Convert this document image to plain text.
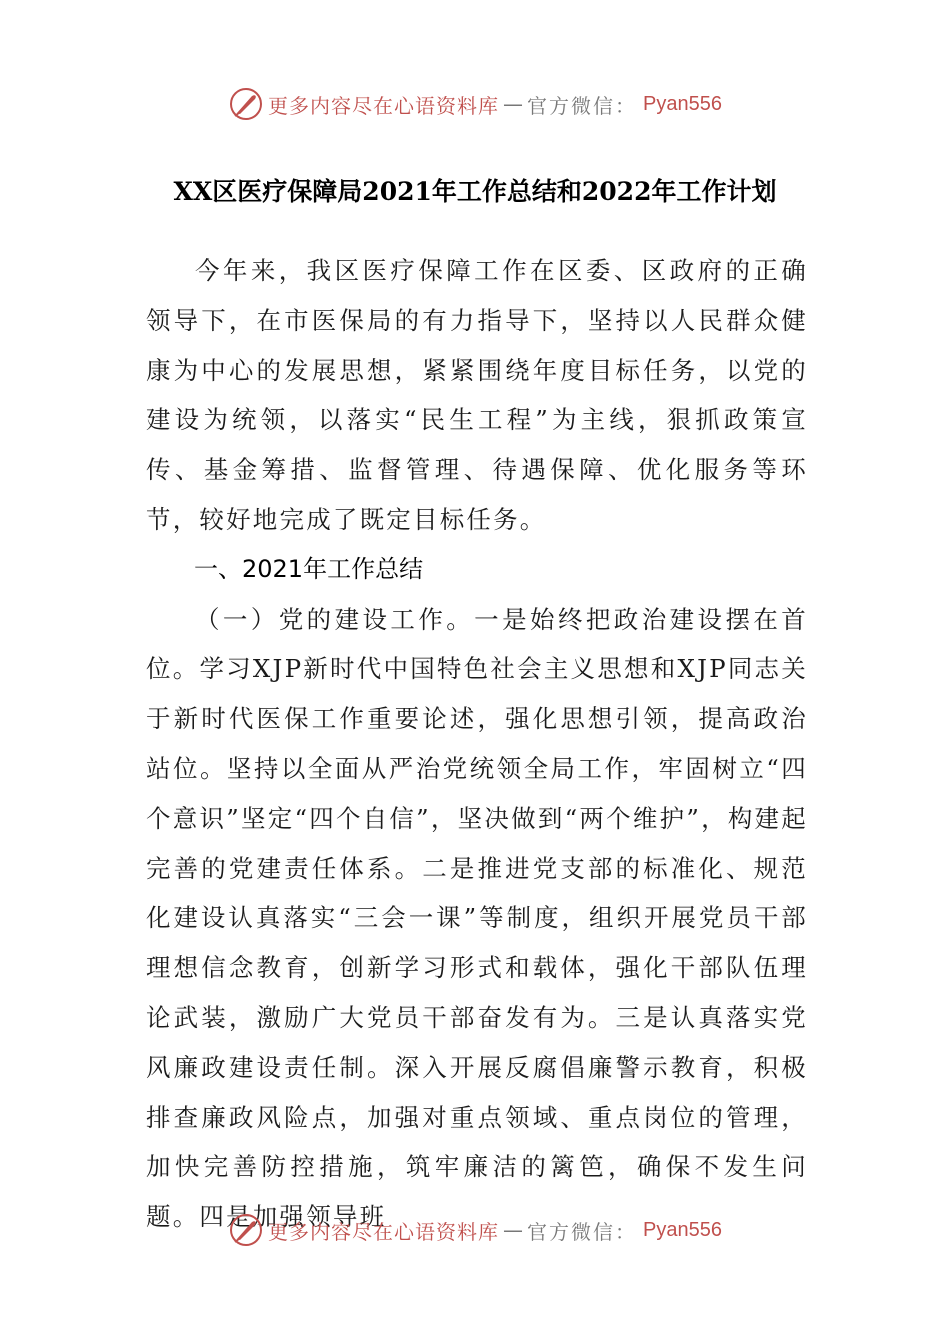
更多内容尽在心语资料库 — 官方微信： Pyan556
XX区医疗保障局2021年工作总结和2022年工作计划

今年来，我区医疗保障工作在区委、区政府的正确领导下，在市医保局的有力指导下，坚持以人民群众健康为中心的发展思想，紧紧围绕年度目标任务，以党的建设为统领，以落实“民生工程”为主线，狠抓政策宣传、基金筹措、监督管理、待遇保障、优化服务等环节，较好地完成了既定目标任务。

一、2021年工作总结

（一）党的建设工作。一是始终把政治建设摆在首位。学习XJP新时代中国特色社会主义思想和XJP同志关于新时代医保工作重要论述，强化思想引领，提高政治站位。坚持以全面从严治党统领全局工作，牢固树立“四个意识”坚定“四个自信”，坚决做到“两个维护”，构建起完善的党建责任体系。二是推进党支部的标准化、规范化建设认真落实“三会一课”等制度，组织开展党员干部理想信念教育，创新学习形式和载体，强化干部队伍理论武装，激励广大党员干部奋发有为。三是认真落实党风廉政建设责任制。深入开展反腐倡廉警示教育，积极排查廉政风险点，加强对重点领域、重点岗位的管理，加快完善防控措施，筑牢廉洁的篱笆，确保不发生问题。四是加强领导班

更多内容尽在心语资料库 — 官方微信： Pyan556
